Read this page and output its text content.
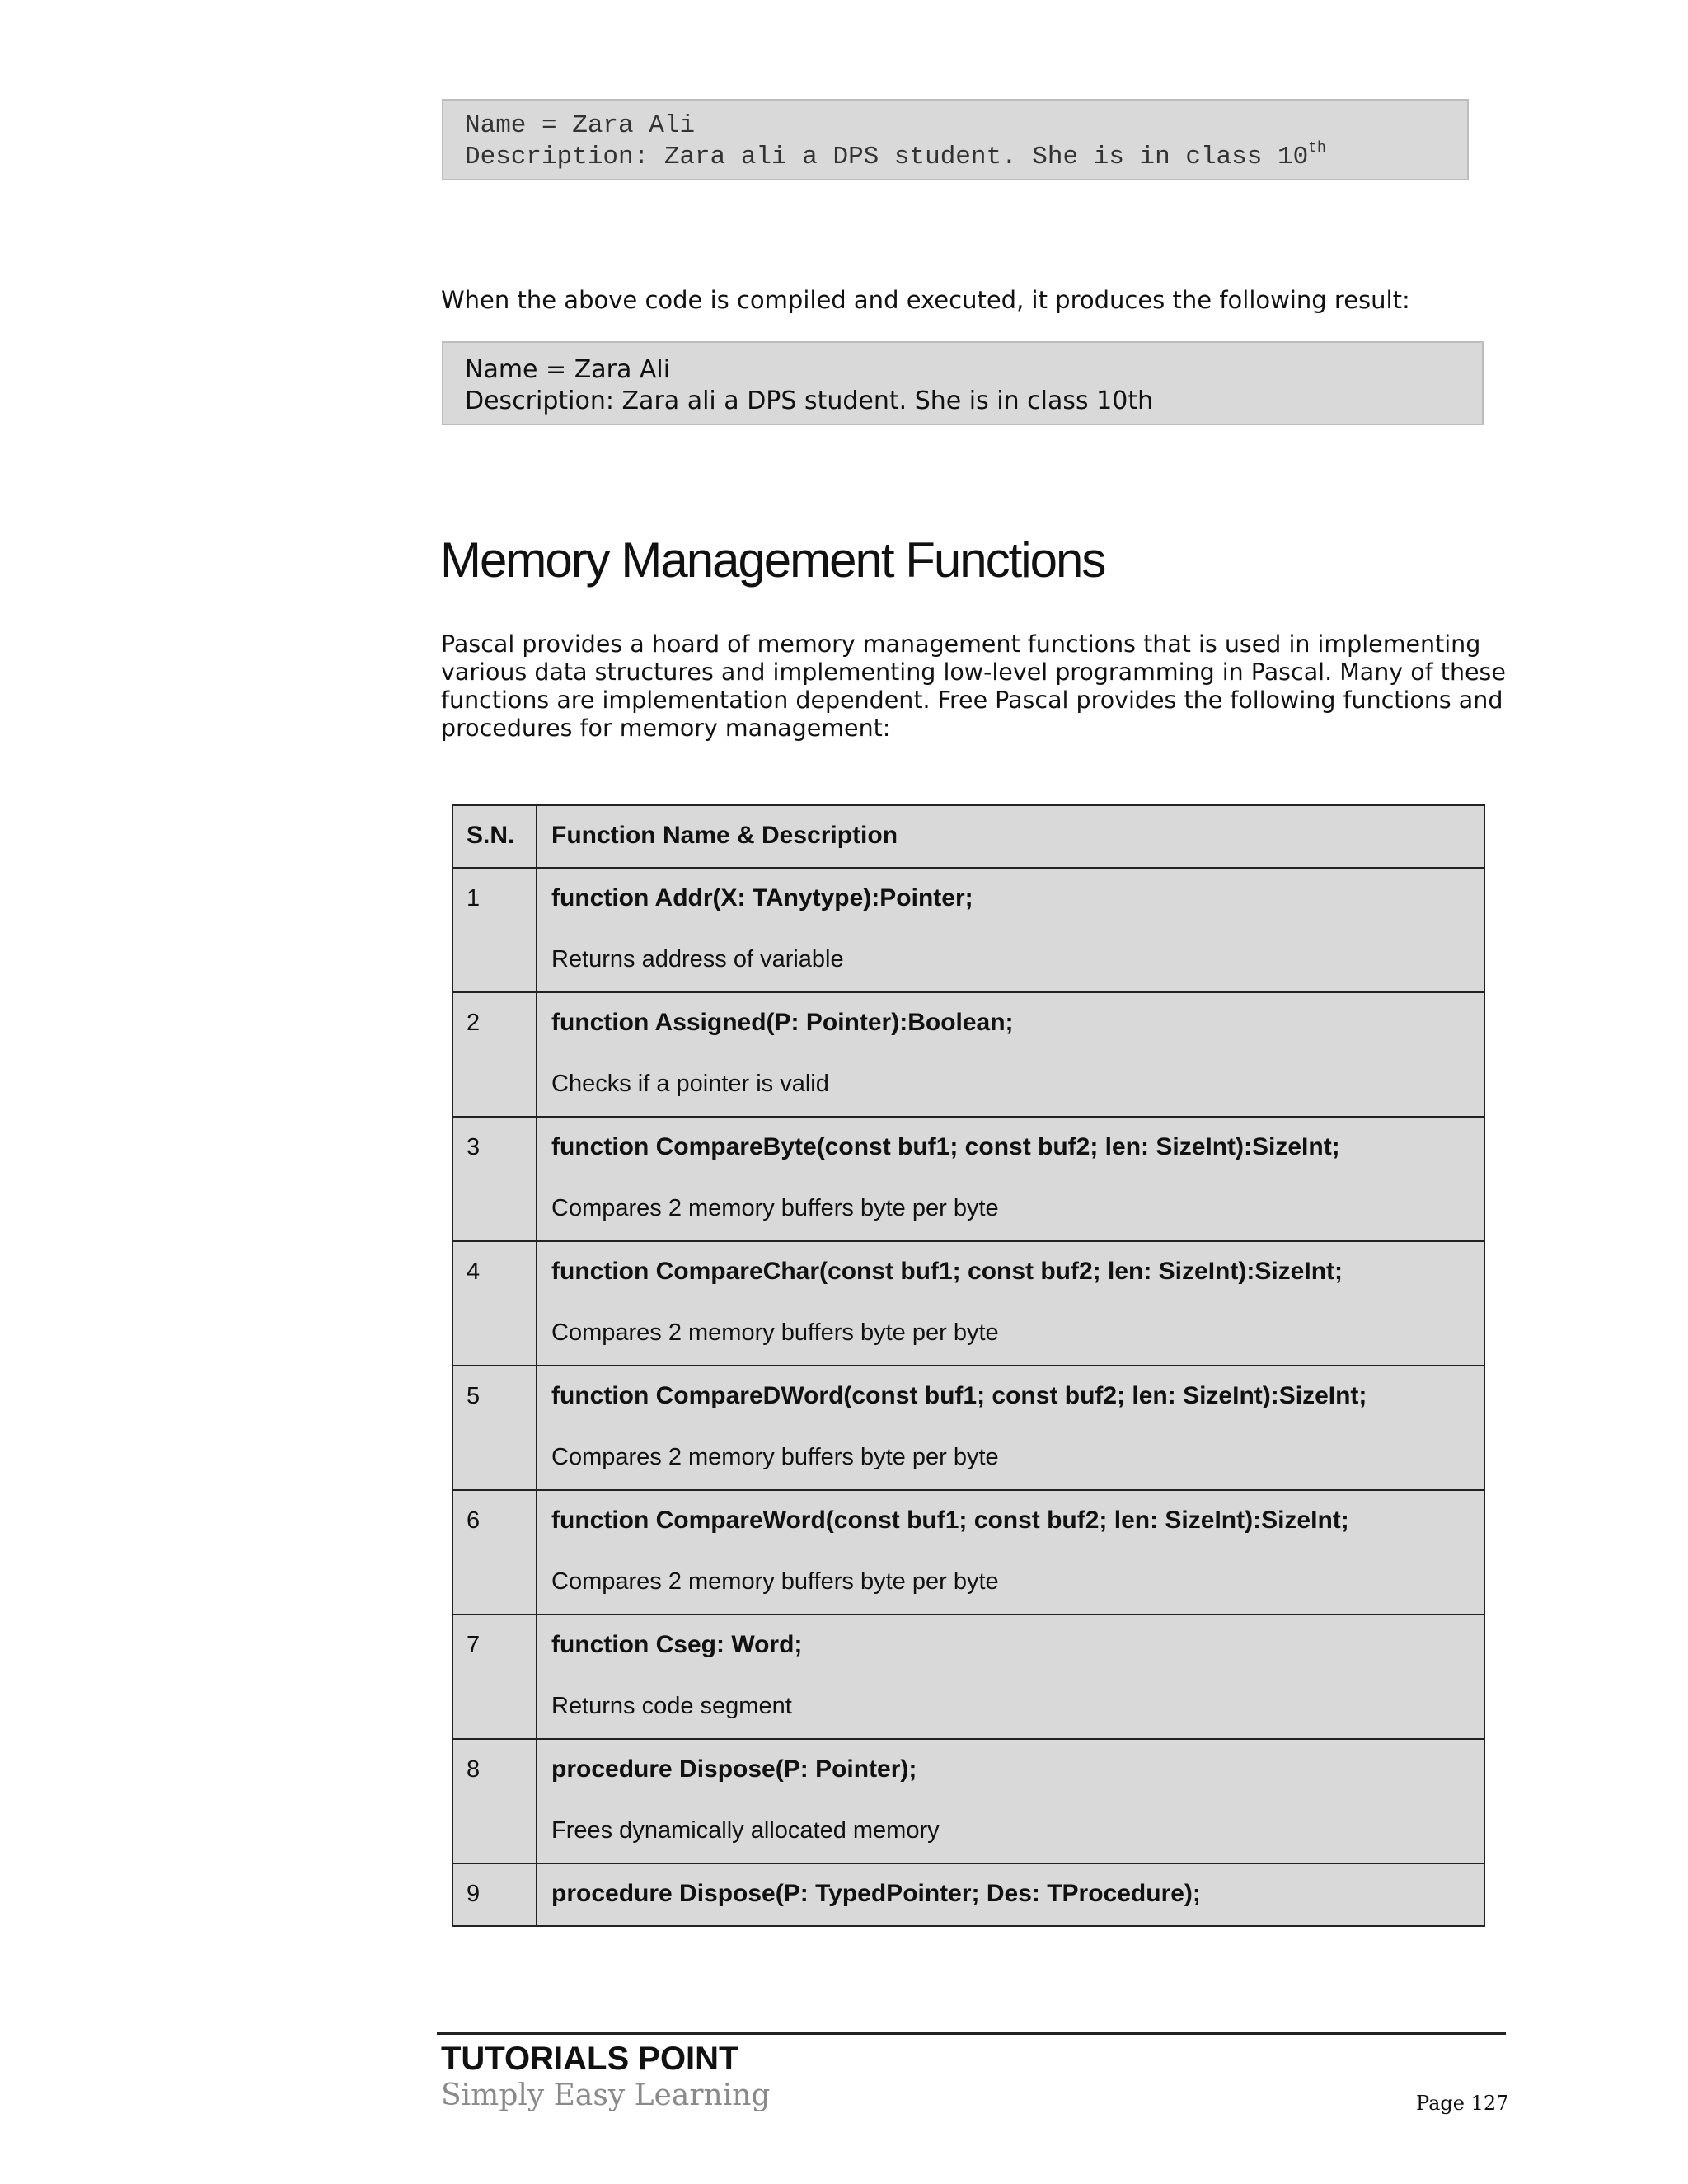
Name = Zara Ali
Description: Zara ali a DPS student. She is in class 10th
When the above code is compiled and executed, it produces the following result:
Name = Zara Ali
Description: Zara ali a DPS student. She is in class 10th
Memory Management Functions

Pascal provides a hoard of memory management functions that is used in implementing
various data structures and implementing low-level programming in Pascal. Many of these
functions are implementation dependent. Free Pascal provides the following functions and
procedures for memory management:

S.N.	Function Name & Description

1	function Addr(X: TAnytype):Pointer;
Returns address of variable

2	function Assigned(P: Pointer):Boolean;
Checks if a pointer is valid

3	function CompareByte(const buf1; const buf2; len: SizeInt):SizeInt;
Compares 2 memory buffers byte per byte

4	function CompareChar(const buf1; const buf2; len: SizeInt):SizeInt;
Compares 2 memory buffers byte per byte

5	function CompareDWord(const buf1; const buf2; len: SizeInt):SizeInt;
Compares 2 memory buffers byte per byte

6	function CompareWord(const buf1; const buf2; len: SizeInt):SizeInt;
Compares 2 memory buffers byte per byte

7	function Cseg: Word;
Returns code segment

8	procedure Dispose(P: Pointer);
Frees dynamically allocated memory

9	procedure Dispose(P: TypedPointer; Des: TProcedure);
TUTORIALS POINT
Simply Easy Learning	Page 127
